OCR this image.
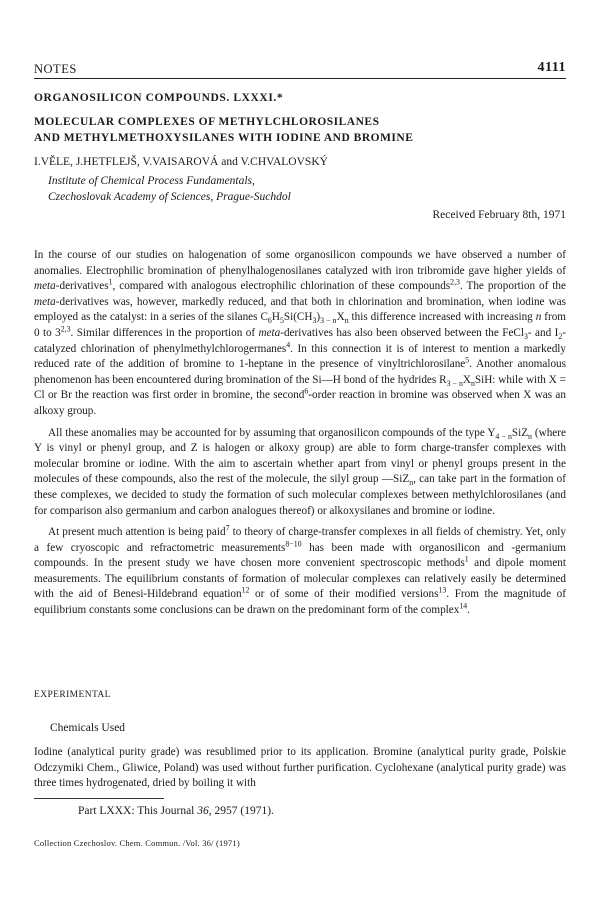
NOTES	4111
ORGANOSILICON COMPOUNDS. LXXXI.*
MOLECULAR COMPLEXES OF METHYLCHLOROSILANES
AND METHYLMETHOXYSILANES WITH IODINE AND BROMINE
I.VĚLE, J.HETFLEJŠ, V.VAISAROVÁ and V.CHVALOVSKÝ
Institute of Chemical Process Fundamentals,
Czechoslovak Academy of Sciences, Prague-Suchdol
Received February 8th, 1971

In the course of our studies on halogenation of some organosilicon compounds we have observed a number of anomalies. Electrophilic bromination of phenylhalogenosilanes catalyzed with iron tribromide gave higher yields of meta-derivatives$^1$, compared with analogous electrophilic chlorination of these compounds$^{2,3}$. The proportion of the meta-derivatives was, however, markedly reduced, and that both in chlorination and bromination, when iodine was employed as the catalyst: in a series of the silanes $C_6H_5Si(CH_3)_{3 - n}X_n$ this difference increased with increasing n from 0 to 3$^{2,3}$. Similar differences in the proportion of meta-derivatives has also been observed between the FeCl$_3$- and $I_2-$ catalyzed chlorination of phenylmethylchlorogermanes$^4$. In this connection it is of interest to mention a markedly reduced rate of the addition of bromine to 1-heptane in the presence of vinyltrichlorosilane$^5$. Another anomalous phenomenon has been encountered during bromination of the Si—H bond of the hydrides $R_{3 - n}X_nSiH$: while with X = Cl or Br the reaction was first order in bromine, the second$^6$-order reaction in bromine was observed when X was an alkoxy group.

All these anomalies may be accounted for by assuming that organosilicon compounds of the type $Y_{4 - n}SiZ_n$ (where Y is vinyl or phenyl group, and Z is halogen or alkoxy group) are able to form charge-transfer complexes with molecular bromine or iodine. With the aim to ascertain whether apart from vinyl or phenyl groups present in the molecules of these compounds, also the rest of the molecule, the silyl group —SiZ$_n$, can take part in the formation of these complexes, we decided to study the formation of such molecular complexes between methylchlorosilanes (and for comparison also germanium and carbon analogues thereof) or alkoxysilanes and bromine or iodine.

At present much attention is being paid$^7$ to theory of charge-transfer complexes in all fields of chemistry. Yet, only a few cryoscopic and refractometric measurements$^{8-10}$ has been made with organosilicon and -germanium compounds. In the present study we have chosen more convenient spectroscopic methods$^1$ and dipole moment measurements. The equilibrium constants of formation of molecular complexes can relatively easily be determined with the aid of Benesi-Hildebrand equation$^{12}$ or of some of their modified versions$^{13}$. From the magnitude of equilibrium constants some conclusions can be drawn on the predominant form of the complex$^{14}$.

EXPERIMENTAL
Chemicals Used
Iodine (analytical purity grade) was resublimed prior to its application. Bromine (analytical purity grade, Polskie Odczymiki Chem., Gliwice, Poland) was used without further purification. Cyclohexane (analytical purity grade) was three times hydrogenated, dried by boiling it with
Part LXXX: This Journal 36, 2957 (1971).
Collection Czechoslov. Chem. Commun. /Vol. 36/ (1971)
